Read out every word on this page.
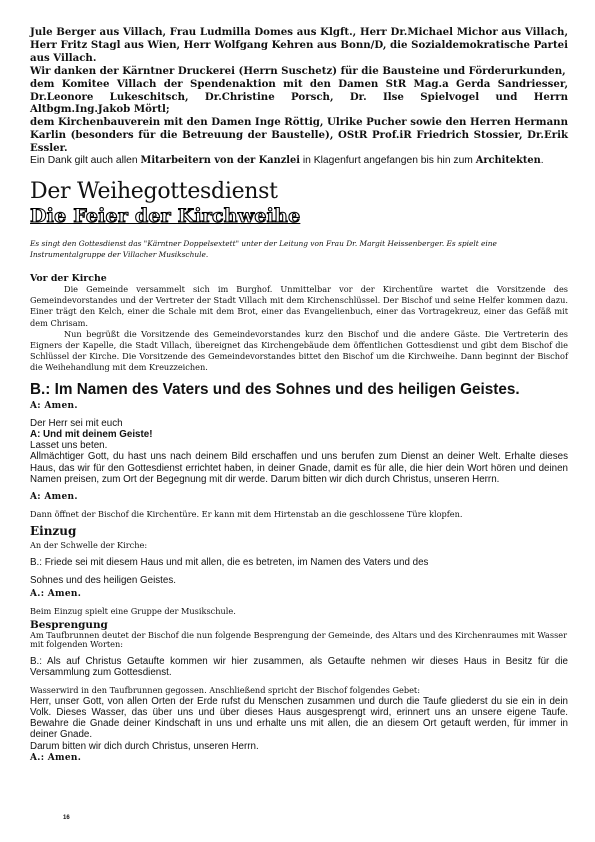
Jule Berger aus Villach, Frau Ludmilla Domes aus Klgft., Herr Dr.Michael Michor aus Villach, Herr Fritz Stagl aus Wien, Herr Wolfgang Kehren aus Bonn/D, die Sozialdemokratische Partei aus Villach.

Wir danken der Kärntner Druckerei (Herrn Suschetz) für die Bausteine und Förderurkunden,

dem Komitee Villach der Spendenaktion mit den Damen StR Mag.a Gerda Sandriesser, Dr.Leonore Lukeschitsch, Dr.Christine Porsch, Dr. Ilse Spielvogel und Herrn Altbgm.Ing.Jakob Mörtl;

dem Kirchenbauverein mit den Damen Inge Röttig, Ulrike Pucher sowie den Herren Hermann Karlin (besonders für die Betreuung der Baustelle), OStR Prof.iR Friedrich Stossier, Dr.Erik Essler.

Ein Dank gilt auch allen Mitarbeitern von der Kanzlei in Klagenfurt angefangen bis hin zum Architekten.

Der Weihegottesdienst
Die Feier der Kirchweihe

Es singt den Gottesdienst das "Kärntner Doppelsextett" unter der Leitung von Frau Dr. Margit Heissenberger. Es spielt eine Instrumentalgruppe der Villacher Musikschule.

Vor der Kirche

Die Gemeinde versammelt sich im Burghof. Unmittelbar vor der Kirchentüre wartet die Vorsitzende des Gemeindevorstandes und der Vertreter der Stadt Villach mit dem Kirchenschlüssel. Der Bischof und seine Helfer kommen dazu. Einer trägt den Kelch, einer die Schale mit dem Brot, einer das Evangelienbuch, einer das Vortragekreuz, einer das Gefäß mit dem Chrisam.

Nun begrüßt die Vorsitzende des Gemeindevorstandes kurz den Bischof und die andere Gäste. Die Vertreterin des Eigners der Kapelle, die Stadt Villach, übereignet das Kirchengebäude dem öffentlichen Gottesdienst und gibt dem Bischof die Schlüssel der Kirche. Die Vorsitzende des Gemeindevorstandes bittet den Bischof um die Kirchweihe. Dann beginnt der Bischof die Weihehandlung mit dem Kreuzzeichen.

B.: Im Namen des Vaters und des Sohnes und des heiligen Geistes.
A: Amen.

Der Herr sei mit euch

A: Und mit deinem Geiste!

Lasset uns beten.

Allmächtiger Gott, du hast uns nach deinem Bild erschaffen und uns berufen zum Dienst an deiner Welt. Erhalte dieses Haus, das wir für den Gottesdienst errichtet haben, in deiner Gnade, damit es für alle, die hier dein Wort hören und deinen Namen preisen, zum Ort der Begegnung mit dir werde. Darum bitten wir dich durch Christus, unseren Herrn.

A: Amen.

Dann öffnet der Bischof die Kirchentüre. Er kann mit dem Hirtenstab an die geschlossene Türe klopfen.

Einzug

An der Schwelle der Kirche:

B.: Friede sei mit diesem Haus und mit allen, die es betreten, im Namen des Vaters und des

Sohnes und des heiligen Geistes.

A.: Amen.

Beim Einzug spielt eine Gruppe der Musikschule.

Besprengung

Am Taufbrunnen deutet der Bischof die nun folgende Besprengung der Gemeinde, des Altars und des Kirchenraumes mit Wasser mit folgenden Worten:

B.: Als auf Christus Getaufte kommen wir hier zusammen, als Getaufte nehmen wir dieses Haus in Besitz für die Versammlung zum Gottesdienst.

Wasserwird in den Taufbrunnen gegossen. Anschließend spricht der Bischof folgendes Gebet:

Herr, unser Gott, von allen Orten der Erde rufst du Menschen zusammen und durch die Taufe gliederst du sie ein in dein Volk. Dieses Wasser, das über uns und über dieses Haus ausgesprengt wird, erinnert uns an unsere eigene Taufe. Bewahre die Gnade deiner Kindschaft in uns und erhalte uns mit allen, die an diesem Ort getauft werden, für immer in deiner Gnade.

Darum bitten wir dich durch Christus, unseren Herrn.

A.: Amen.
16
